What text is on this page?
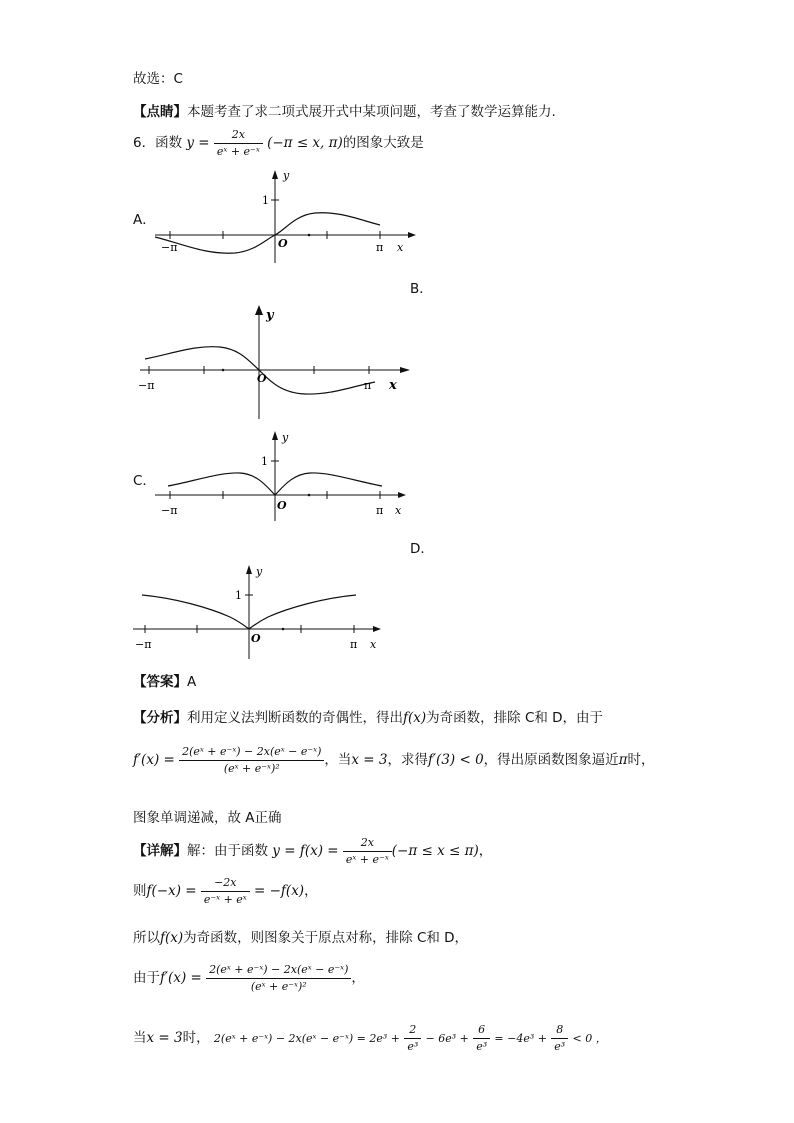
故选：C
【点睛】本题考查了求二项式展开式中某项问题，考查了数学运算能力.
6．函数 $y = \frac{2x}{\text{eˣ + e⁻ˣ}} (-\pi \le x$, π)的图象大致是
A．
B．
C．
D．
y
1
O
−π	π x
y
O
−π	π x
y
1
O
−π	π x
y
1
O
−π	π x
【答案】A
【分析】利用定义法判断函数的奇偶性，得出f(x)为奇函数，排除 C和 D，由于
$f'(x) = \frac{\text{2(eˣ + e⁻ˣ) − 2x(eˣ − e⁻ˣ)}}{\text{(eˣ + e⁻ˣ)²}}$ ，当x = 3，求得f′(3) < 0，得出原函数图象逼近π时，
图象单调递减，故 A正确
【详解】解：由于函数 $y = f(x) = \frac{2x}{\text{eˣ + e⁻ˣ}} (-\pi \le x \le \pi)$，
则$f(-x) = \frac{-2x}{\text{e⁻ˣ + eˣ}} = -f(x)$，
所以f(x)为奇函数，则图象关于原点对称，排除 C和 D，
由于$f'(x) = \frac{\text{2(eˣ + e⁻ˣ) − 2x(eˣ − e⁻ˣ)}}{\text{(eˣ + e⁻ˣ)²}}$ ，
当x = 3时， 2(eˣ + e⁻ˣ) − 2x(eˣ − e⁻ˣ) = $2e^3 + \frac{2}{\text{e³}} - 6e^3 + \frac{6}{\text{e³}} = -4e^3 + \frac{8}{\text{e³}} < 0$ ，
